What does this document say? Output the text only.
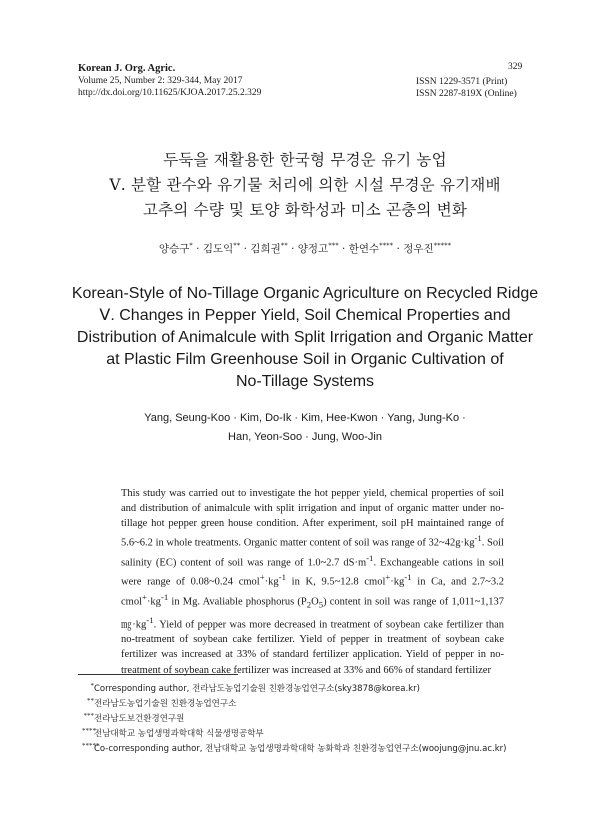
Korean J. Org. Agric.
Volume 25, Number 2: 329-344, May 2017
http://dx.doi.org/10.11625/KJOA.2017.25.2.329
329
ISSN 1229-3571 (Print)
ISSN 2287-819X (Online)
두둑을 재활용한 한국형 무경운 유기 농업
Ⅴ. 분할 관수와 유기물 처리에 의한 시설 무경운 유기재배
고추의 수량 및 토양 화학성과 미소 곤충의 변화
양승구* · 김도익** · 김희권** · 양정고*** · 한연수**** · 정우진*****
Korean-Style of No-Tillage Organic Agriculture on Recycled Ridge
Ⅴ. Changes in Pepper Yield, Soil Chemical Properties and
Distribution of Animalcule with Split Irrigation and Organic Matter
at Plastic Film Greenhouse Soil in Organic Cultivation of
No-Tillage Systems
Yang, Seung-Koo · Kim, Do-Ik · Kim, Hee-Kwon · Yang, Jung-Ko ·
Han, Yeon-Soo · Jung, Woo-Jin

This study was carried out to investigate the hot pepper yield, chemical properties of soil and distribution of animalcule with split irrigation and input of organic matter under no-tillage hot pepper green house condition. After experiment, soil pH maintained range of 5.6~6.2 in whole treatments. Organic matter content of soil was range of $32\sim 42g\cdot kg^{-1}$. Soil salinity (EC) content of soil was range of 1.0~2.7 $dS\cdot m^{-1}$. Exchangeable cations in soil were range of 0.08~0.24 $cmol^+\cdot kg^{-1}$ in K, 9.5~12.8 $cmol^+\cdot kg^{-1}$ in Ca, and 2.7~3.2 $cmol^+\cdot kg^{-1}$ in Mg. Avaliable phosphorus $(P_2O_5)$ content in soil was range of 1,011~1,137 $㎎\cdot kg^{-1}$. Yield of pepper was more decreased in treatment of soybean cake fertilizer than no-treatment of soybean cake fertilizer. Yield of pepper in treatment of soybean cake fertilizer was increased at 33% of standard fertilizer application. Yield of pepper in no-treatment of soybean cake fertilizer was increased at 33% and 66% of standard fertilizer

* Corresponding author, 전라남도농업기술원 친환경농업연구소(sky3878@korea.kr)
** 전라남도농업기술원 친환경농업연구소
*** 전라남도보건환경연구원
****
전남대학교 농업생명과학대학 식물생명공학부
*****
Co-corresponding author, 전남대학교 농업생명과학대학 농화학과 친환경농업연구소(woojung@jnu.ac.kr)
